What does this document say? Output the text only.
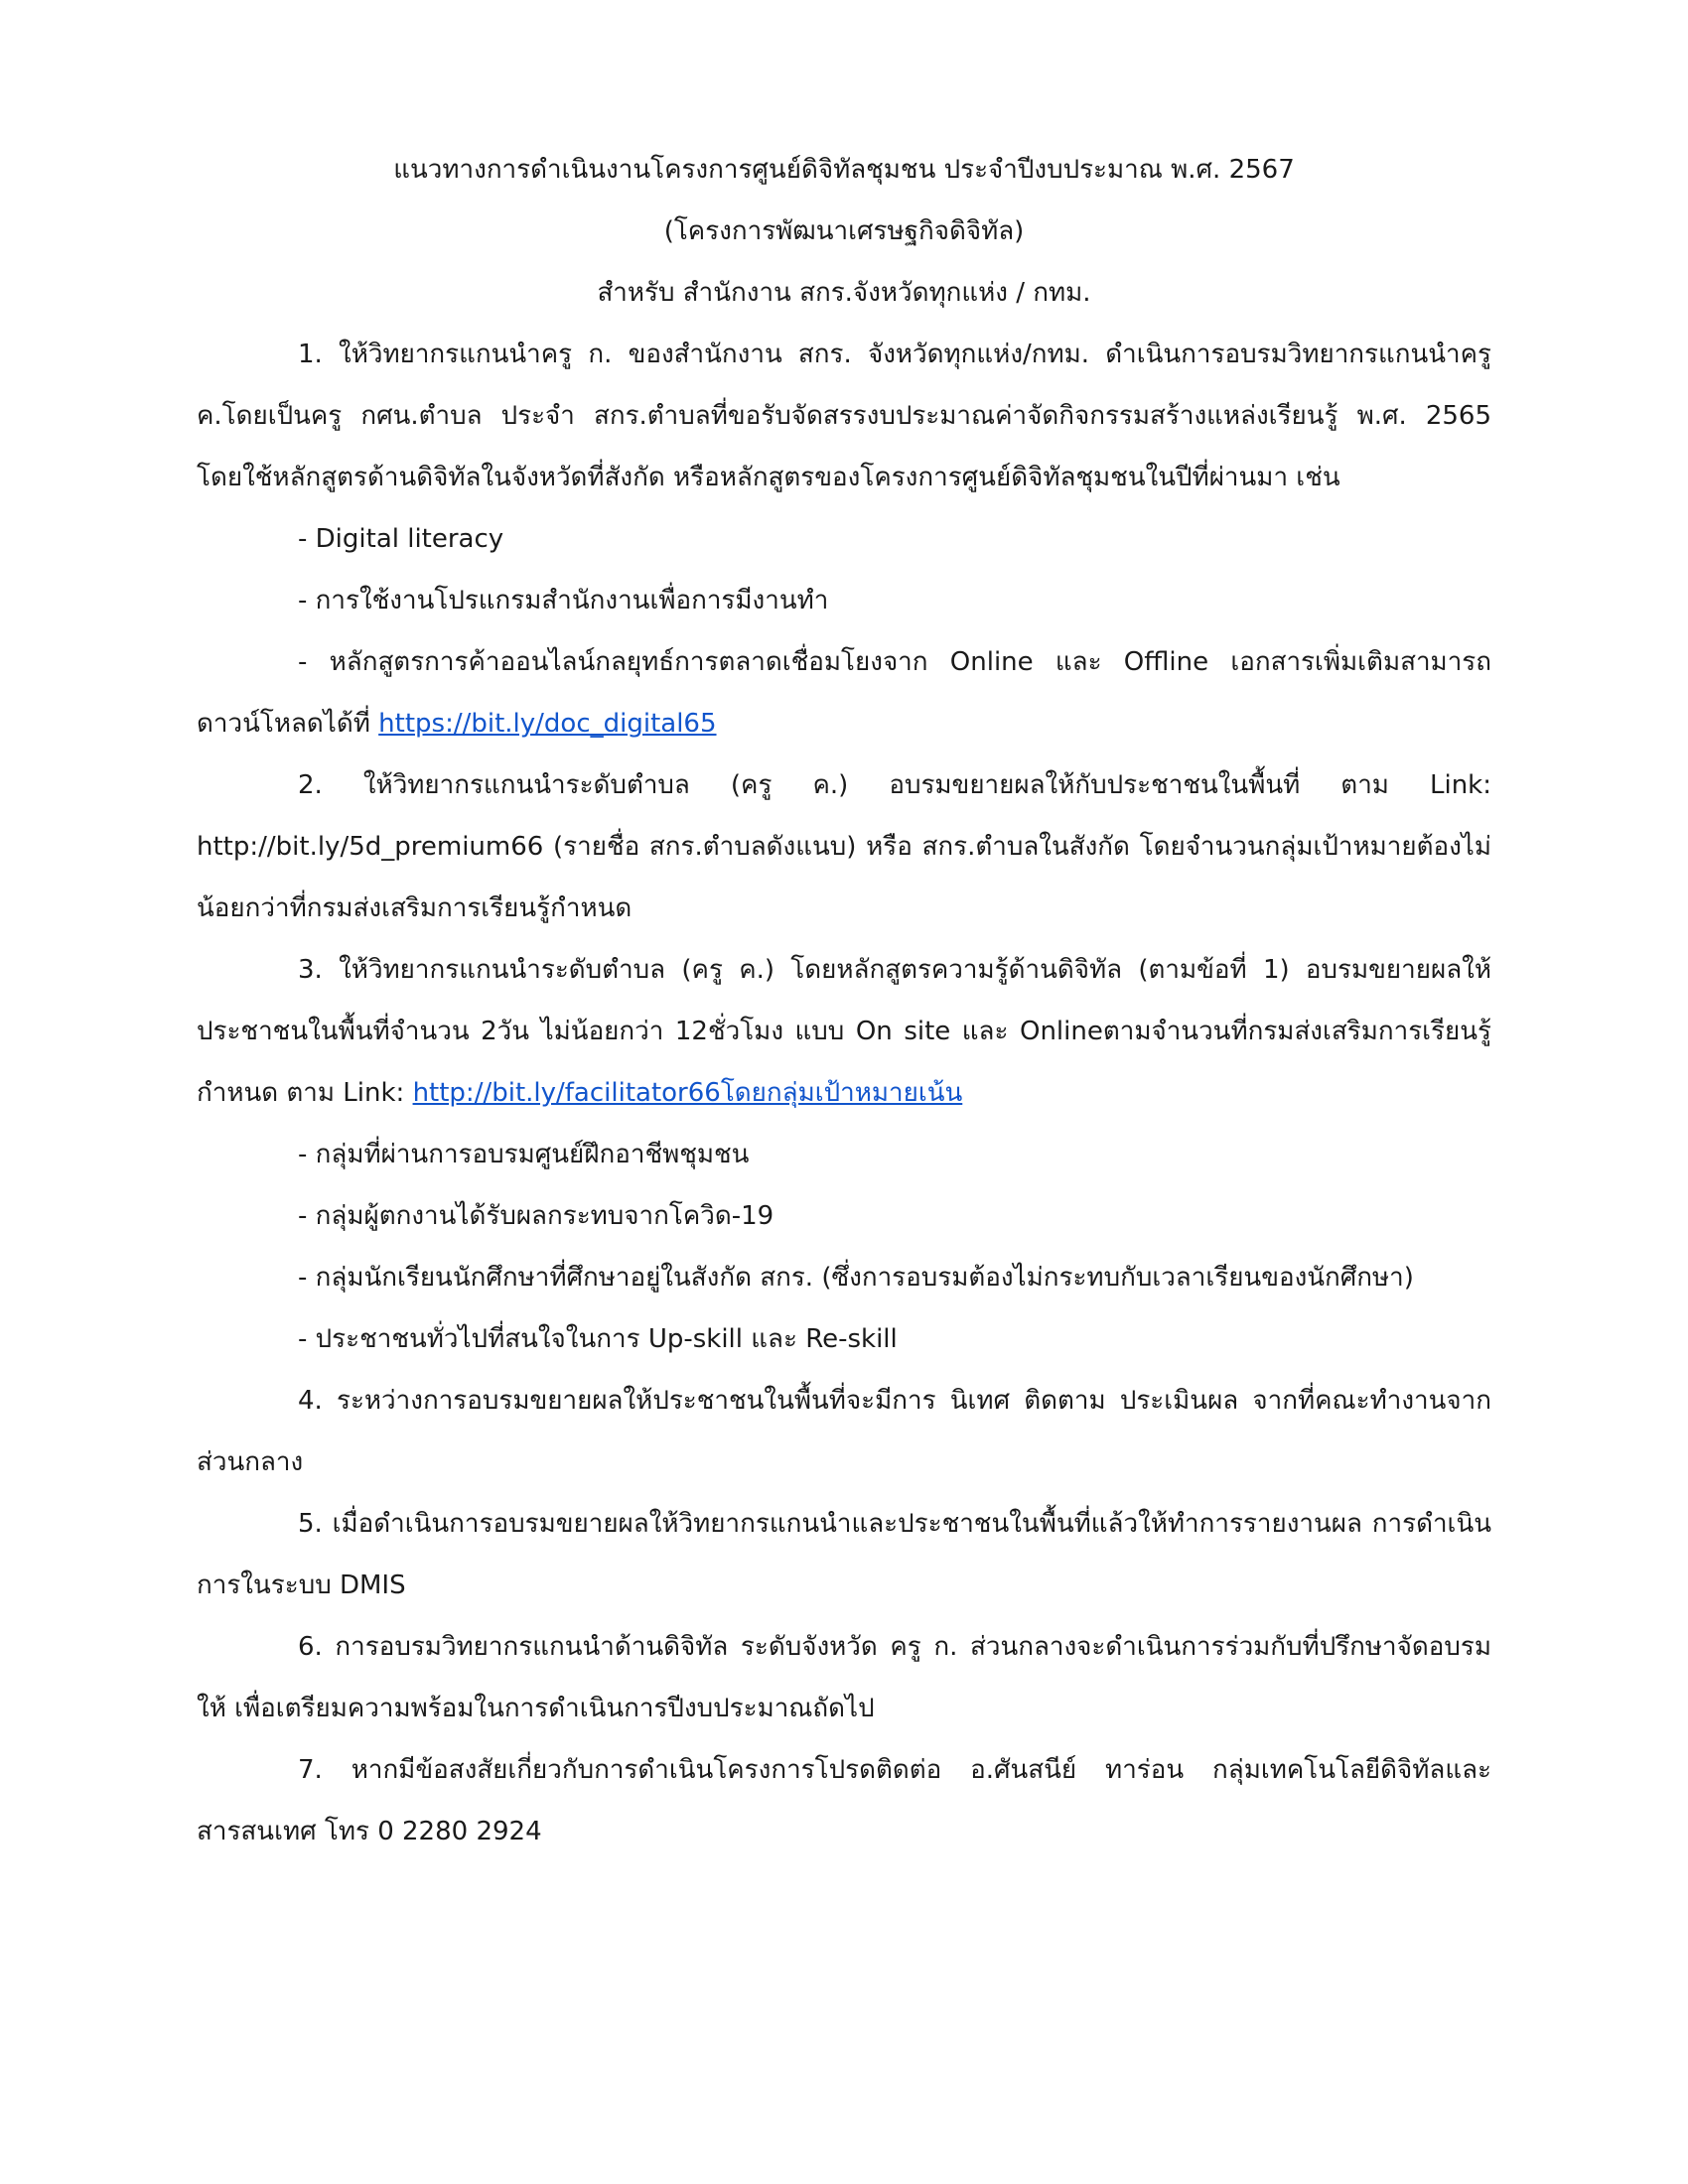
แนวทางการดำเนินงานโครงการศูนย์ดิจิทัลชุมชน ประจำปีงบประมาณ พ.ศ. 2567

(โครงการพัฒนาเศรษฐกิจดิจิทัล)

สำหรับ สำนักงาน สกร.จังหวัดทุกแห่ง / กทม.

1. ให้วิทยากรแกนนำครู ก. ของสำนักงาน สกร. จังหวัดทุกแห่ง/กทม. ดำเนินการอบรมวิทยากรแกนนำครู ค.โดยเป็นครู กศน.ตำบล ประจำ สกร.ตำบลที่ขอรับจัดสรรงบประมาณค่าจัดกิจกรรมสร้างแหล่งเรียนรู้ พ.ศ. 2565 โดยใช้หลักสูตรด้านดิจิทัลในจังหวัดที่สังกัด หรือหลักสูตรของโครงการศูนย์ดิจิทัลชุมชนในปีที่ผ่านมา เช่น

- Digital literacy

- การใช้งานโปรแกรมสำนักงานเพื่อการมีงานทำ

- หลักสูตรการค้าออนไลน์กลยุทธ์การตลาดเชื่อมโยงจาก Online และ Offline เอกสารเพิ่มเติมสามารถดาวน์โหลดได้ที่ https://bit.ly/doc_digital65

2. ให้วิทยากรแกนนำระดับตำบล (ครู ค.) อบรมขยายผลให้กับประชาชนในพื้นที่ ตาม Link: http://bit.ly/5d_premium66 (รายชื่อ สกร.ตำบลดังแนบ) หรือ สกร.ตำบลในสังกัด โดยจำนวนกลุ่มเป้าหมายต้องไม่น้อยกว่าที่กรมส่งเสริมการเรียนรู้กำหนด

3. ให้วิทยากรแกนนำระดับตำบล (ครู ค.) โดยหลักสูตรความรู้ด้านดิจิทัล (ตามข้อที่ 1) อบรมขยายผลให้ประชาชนในพื้นที่จำนวน 2วัน ไม่น้อยกว่า 12ชั่วโมง แบบ On site และ Onlineตามจำนวนที่กรมส่งเสริมการเรียนรู้ กำหนด ตาม Link: http://bit.ly/facilitator66โดยกลุ่มเป้าหมายเน้น

- กลุ่มที่ผ่านการอบรมศูนย์ฝึกอาชีพชุมชน

- กลุ่มผู้ตกงานได้รับผลกระทบจากโควิด-19

- กลุ่มนักเรียนนักศึกษาที่ศึกษาอยู่ในสังกัด สกร. (ซึ่งการอบรมต้องไม่กระทบกับเวลาเรียนของนักศึกษา)

- ประชาชนทั่วไปที่สนใจในการ Up-skill และ Re-skill

4. ระหว่างการอบรมขยายผลให้ประชาชนในพื้นที่จะมีการ นิเทศ ติดตาม ประเมินผล จากที่คณะทำงานจากส่วนกลาง

5. เมื่อดำเนินการอบรมขยายผลให้วิทยากรแกนนำและประชาชนในพื้นที่แล้วให้ทำการรายงานผล การดำเนินการในระบบ DMIS

6. การอบรมวิทยากรแกนนำด้านดิจิทัล ระดับจังหวัด ครู ก. ส่วนกลางจะดำเนินการร่วมกับที่ปรึกษาจัดอบรมให้ เพื่อเตรียมความพร้อมในการดำเนินการปีงบประมาณถัดไป

7. หากมีข้อสงสัยเกี่ยวกับการดำเนินโครงการโปรดติดต่อ อ.ศันสนีย์ ทาร่อน กลุ่มเทคโนโลยีดิจิทัลและสารสนเทศ โทร 0 2280 2924
